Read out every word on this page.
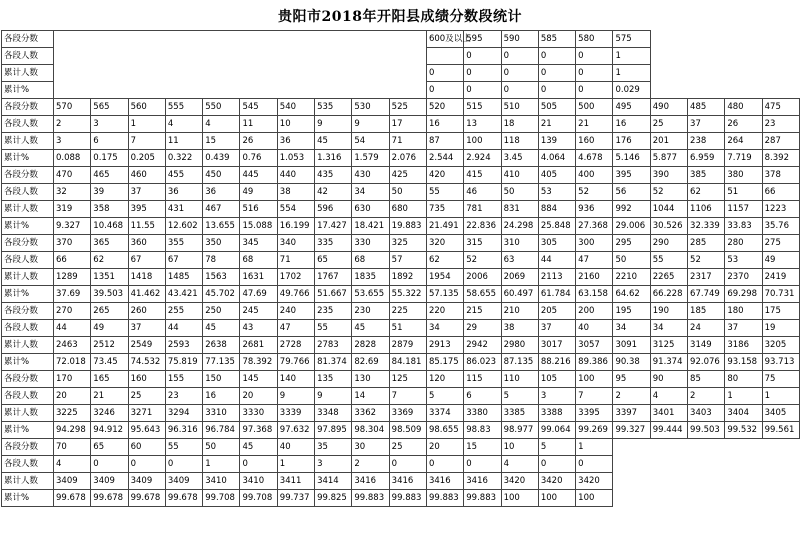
贵阳市2018年开阳县成绩分数段统计
各段分数											600及以上	595	590	585	580	575				
各段人数												0	0	0	0	1				
累计人数											0	0	0	0	0	1				
累计%											0	0	0	0	0	0.029				
各段分数	570	565	560	555	550	545	540	535	530	525	520	515	510	505	500	495	490	485	480	475
各段人数	2	3	1	4	4	11	10	9	9	17	16	13	18	21	21	16	25	37	26	23
累计人数	3	6	7	11	15	26	36	45	54	71	87	100	118	139	160	176	201	238	264	287
累计%	0.088	0.175	0.205	0.322	0.439	0.76	1.053	1.316	1.579	2.076	2.544	2.924	3.45	4.064	4.678	5.146	5.877	6.959	7.719	8.392
各段分数	470	465	460	455	450	445	440	435	430	425	420	415	410	405	400	395	390	385	380	378
各段人数	32	39	37	36	36	49	38	42	34	50	55	46	50	53	52	56	52	62	51	66
累计人数	319	358	395	431	467	516	554	596	630	680	735	781	831	884	936	992	1044	1106	1157	1223
累计%	9.327	10.468	11.55	12.602	13.655	15.088	16.199	17.427	18.421	19.883	21.491	22.836	24.298	25.848	27.368	29.006	30.526	32.339	33.83	35.76
各段分数	370	365	360	355	350	345	340	335	330	325	320	315	310	305	300	295	290	285	280	275
各段人数	66	62	67	67	78	68	71	65	68	57	62	52	63	44	47	50	55	52	53	49
累计人数	1289	1351	1418	1485	1563	1631	1702	1767	1835	1892	1954	2006	2069	2113	2160	2210	2265	2317	2370	2419
累计%	37.69	39.503	41.462	43.421	45.702	47.69	49.766	51.667	53.655	55.322	57.135	58.655	60.497	61.784	63.158	64.62	66.228	67.749	69.298	70.731
各段分数	270	265	260	255	250	245	240	235	230	225	220	215	210	205	200	195	190	185	180	175
各段人数	44	49	37	44	45	43	47	55	45	51	34	29	38	37	40	34	34	24	37	19
累计人数	2463	2512	2549	2593	2638	2681	2728	2783	2828	2879	2913	2942	2980	3017	3057	3091	3125	3149	3186	3205
累计%	72.018	73.45	74.532	75.819	77.135	78.392	79.766	81.374	82.69	84.181	85.175	86.023	87.135	88.216	89.386	90.38	91.374	92.076	93.158	93.713
各段分数	170	165	160	155	150	145	140	135	130	125	120	115	110	105	100	95	90	85	80	75
各段人数	20	21	25	23	16	20	9	9	14	7	5	6	5	3	7	2	4	2	1	1
累计人数	3225	3246	3271	3294	3310	3330	3339	3348	3362	3369	3374	3380	3385	3388	3395	3397	3401	3403	3404	3405
累计%	94.298	94.912	95.643	96.316	96.784	97.368	97.632	97.895	98.304	98.509	98.655	98.83	98.977	99.064	99.269	99.327	99.444	99.503	99.532	99.561
各段分数	70	65	60	55	50	45	40	35	30	25	20	15	10	5	1					
各段人数	4	0	0	0	1	0	1	3	2	0	0	0	4	0	0					
累计人数	3409	3409	3409	3409	3410	3410	3411	3414	3416	3416	3416	3416	3420	3420	3420					
累计%	99.678	99.678	99.678	99.678	99.708	99.708	99.737	99.825	99.883	99.883	99.883	99.883	100	100	100					
